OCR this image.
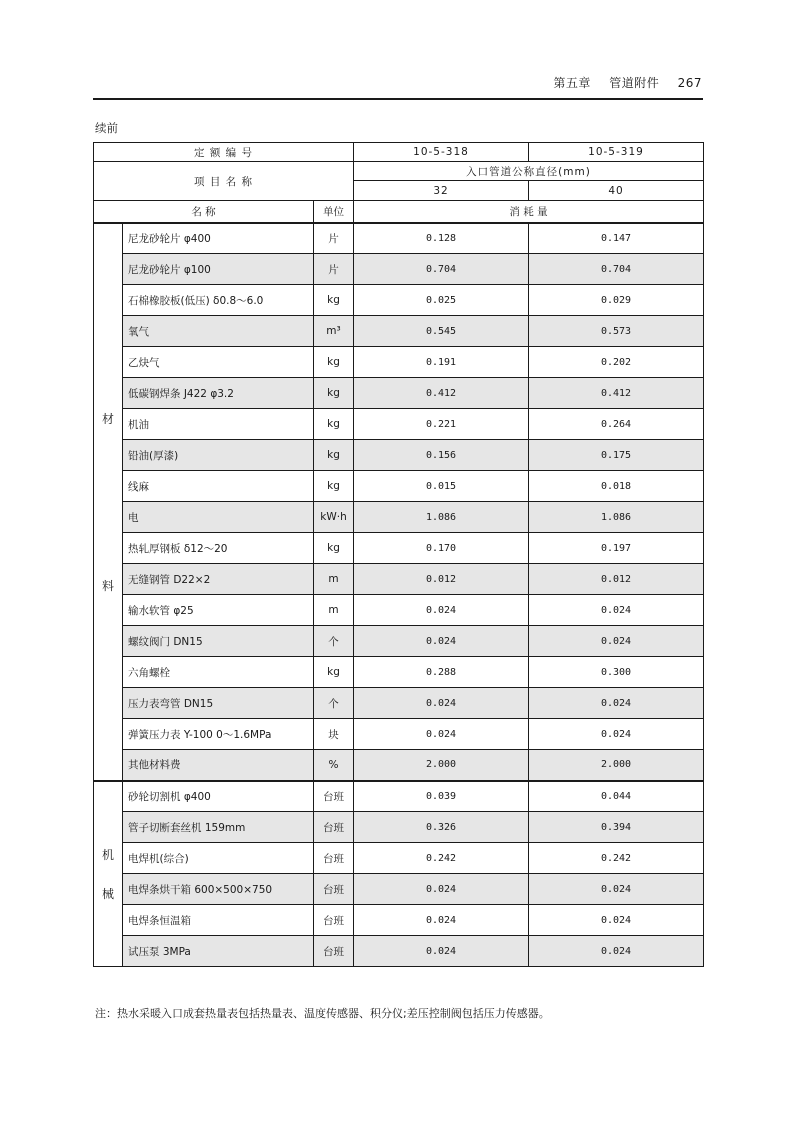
第五章 管道附件 267
续前
定 额 编 号			10-5-318	10-5-319
项 目 名 称			入口管道公称直径(mm)	
			32	40
名 称		单位	消 耗 量	

材
料	尼龙砂轮片 φ400	片	0.128	0.147
	尼龙砂轮片 φ100	片	0.704	0.704
	石棉橡胶板(低压) δ0.8～6.0	kg	0.025	0.029
	氧气	m³	0.545	0.573
	乙炔气	kg	0.191	0.202
	低碳钢焊条 J422 φ3.2	kg	0.412	0.412
	机油	kg	0.221	0.264
	铅油(厚漆)	kg	0.156	0.175
	线麻	kg	0.015	0.018
	电	kW·h	1.086	1.086
	热轧厚钢板 δ12～20	kg	0.170	0.197
	无缝钢管 D22×2	m	0.012	0.012
	输水软管 φ25	m	0.024	0.024
	螺纹阀门 DN15	个	0.024	0.024
	六角螺栓	kg	0.288	0.300
	压力表弯管 DN15	个	0.024	0.024
	弹簧压力表 Y-100 0～1.6MPa	块	0.024	0.024
	其他材料费	%	2.000	2.000

机
械	砂轮切割机 φ400	台班	0.039	0.044
	管子切断套丝机 159mm	台班	0.326	0.394
	电焊机(综合)	台班	0.242	0.242
	电焊条烘干箱 600×500×750	台班	0.024	0.024
	电焊条恒温箱	台班	0.024	0.024
	试压泵 3MPa	台班	0.024	0.024
注：热水采暖入口成套热量表包括热量表、温度传感器、积分仪;差压控制阀包括压力传感器。
